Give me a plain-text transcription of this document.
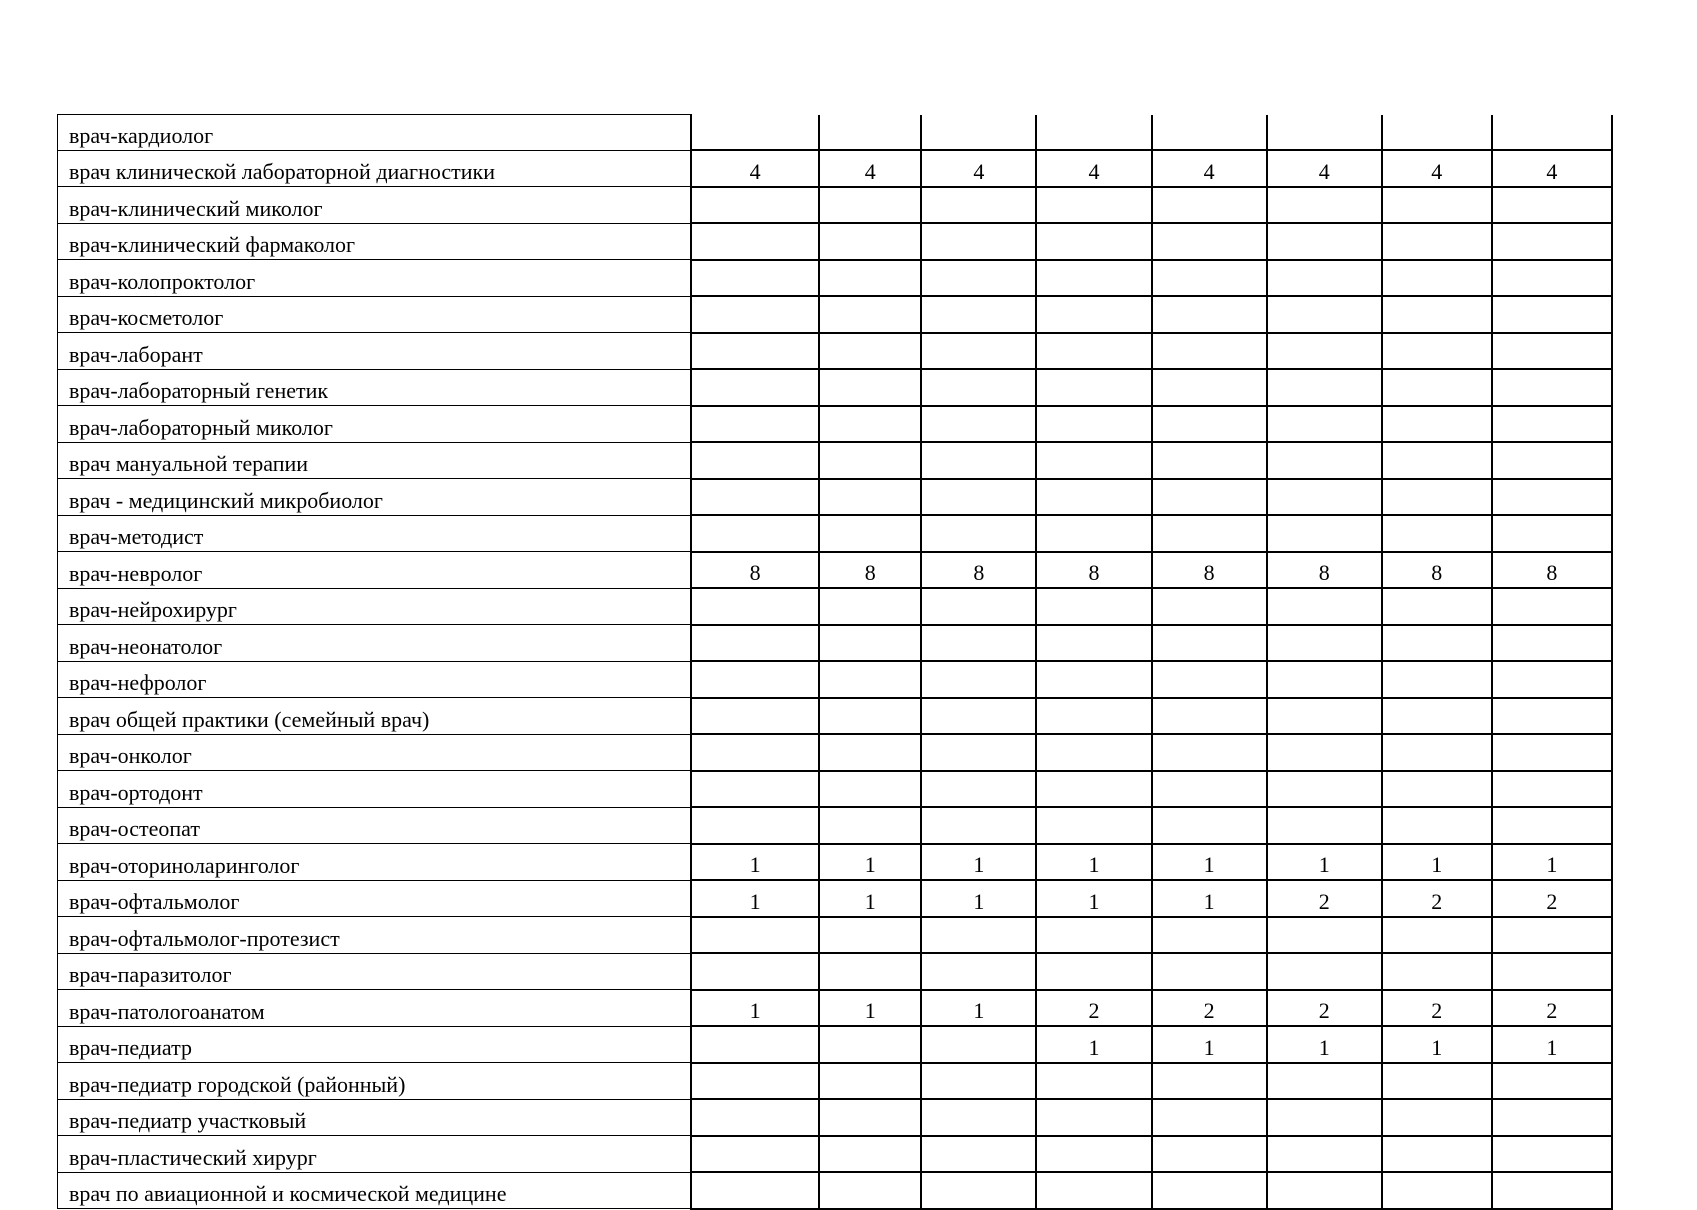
врач-кардиолог								
врач клинической лабораторной диагностики	4	4	4	4	4	4	4	4
врач-клинический миколог								
врач-клинический фармаколог								
врач-колопроктолог								
врач-косметолог								
врач-лаборант								
врач-лабораторный генетик								
врач-лабораторный миколог								
врач мануальной терапии								
врач - медицинский микробиолог								
врач-методист								
врач-невролог	8	8	8	8	8	8	8	8
врач-нейрохирург								
врач-неонатолог								
врач-нефролог								
врач общей практики (семейный врач)								
врач-онколог								
врач-ортодонт								
врач-остеопат								
врач-оториноларинголог	1	1	1	1	1	1	1	1
врач-офтальмолог	1	1	1	1	1	2	2	2
врач-офтальмолог-протезист								
врач-паразитолог								
врач-патологоанатом	1	1	1	2	2	2	2	2
врач-педиатр				1	1	1	1	1
врач-педиатр городской (районный)								
врач-педиатр участковый								
врач-пластический хирург								
врач по авиационной и космической медицине								
